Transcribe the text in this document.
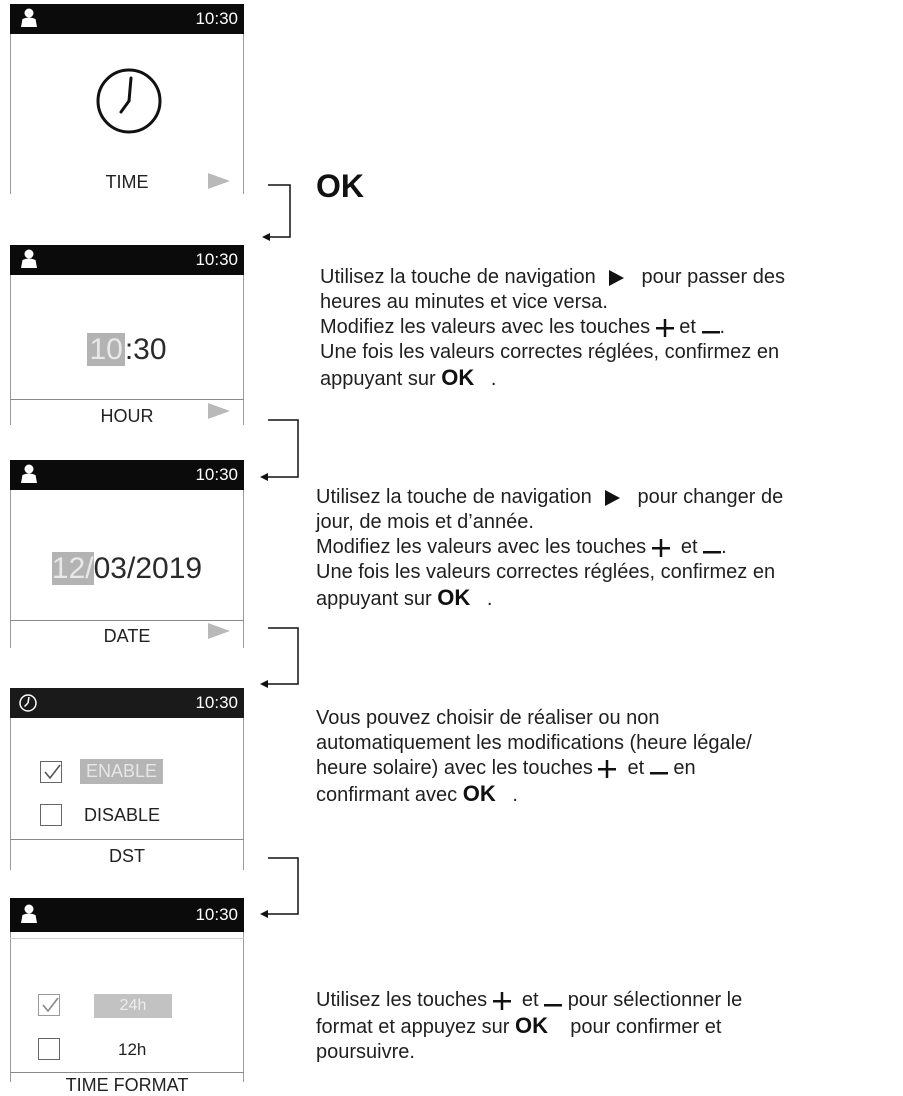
10:30
TIME	OK
10:30
10:30
HOUR
Utilisez la touche de navigation pour passer des
heures au minutes et vice versa.
Modifiez les valeurs avec les touches et .
Une fois les valeurs correctes réglées, confirmez en
appuyant sur OK .
10:30
12/03/2019
DATE
Utilisez la touche de navigation pour changer de
jour, de mois et d’année.
Modifiez les valeurs avec les touches et .
Une fois les valeurs correctes réglées, confirmez en
appuyant sur OK .
10:30
ENABLE
DISABLE
DST
Vous pouvez choisir de réaliser ou non
automatiquement les modifications (heure légale/
heure solaire) avec les touches et en
confirmant avec OK .
10:30
24h
12h
TIME FORMAT
Utilisez les touches et pour sélectionner le
format et appuyez sur OK pour confirmer et
poursuivre.
